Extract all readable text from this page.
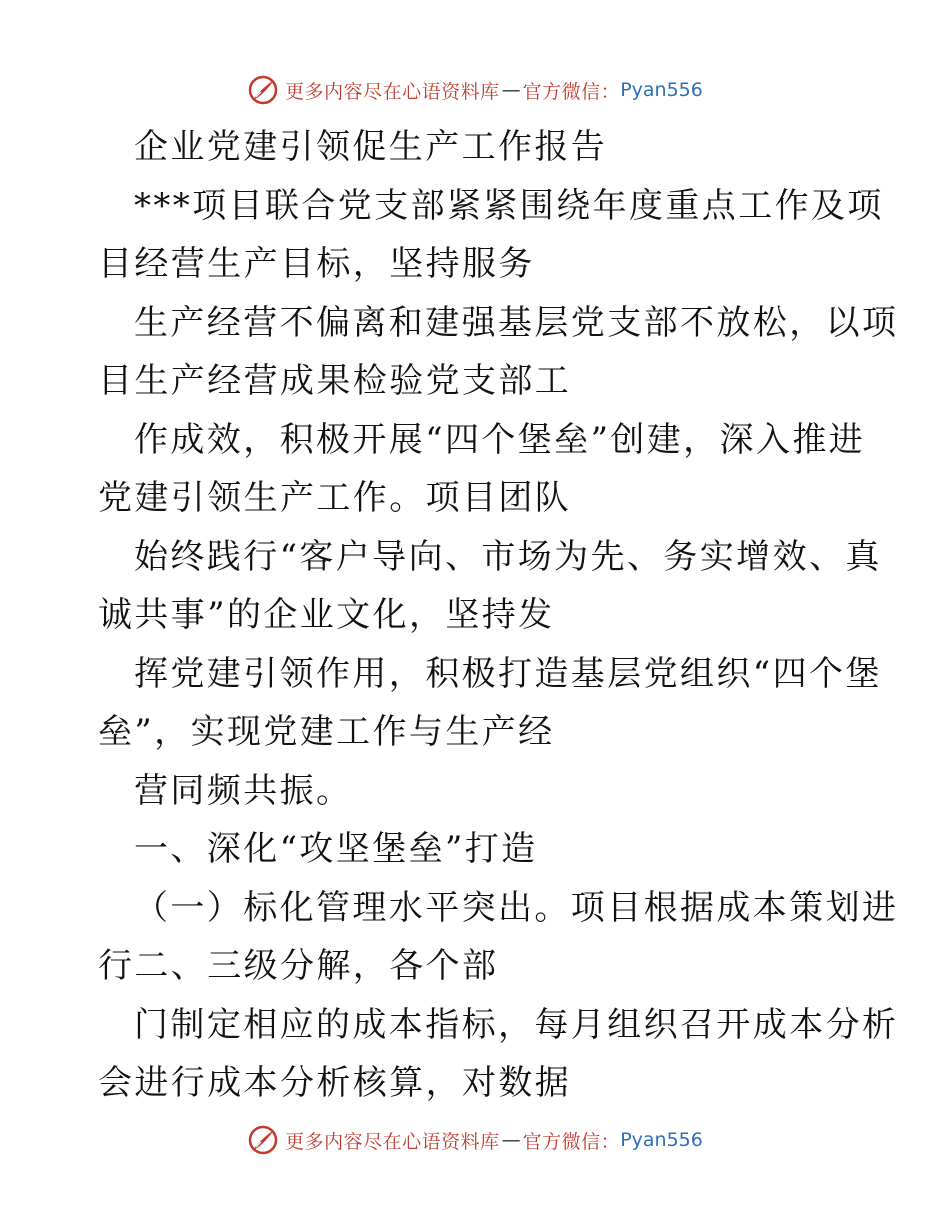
更多内容尽在心语资料库 — 官方微信： Pyan556
企业党建引领促生产工作报告
***项目联合党支部紧紧围绕年度重点工作及项
目经营生产目标，坚持服务
生产经营不偏离和建强基层党支部不放松，以项
目生产经营成果检验党支部工
作成效，积极开展“四个堡垒”创建，深入推进
党建引领生产工作。项目团队
始终践行“客户导向、市场为先、务实增效、真
诚共事”的企业文化，坚持发
挥党建引领作用，积极打造基层党组织“四个堡
垒”，实现党建工作与生产经
营同频共振。
一、深化“攻坚堡垒”打造
（一）标化管理水平突出。项目根据成本策划进
行二、三级分解，各个部
门制定相应的成本指标，每月组织召开成本分析
会进行成本分析核算，对数据
更多内容尽在心语资料库 — 官方微信： Pyan556
